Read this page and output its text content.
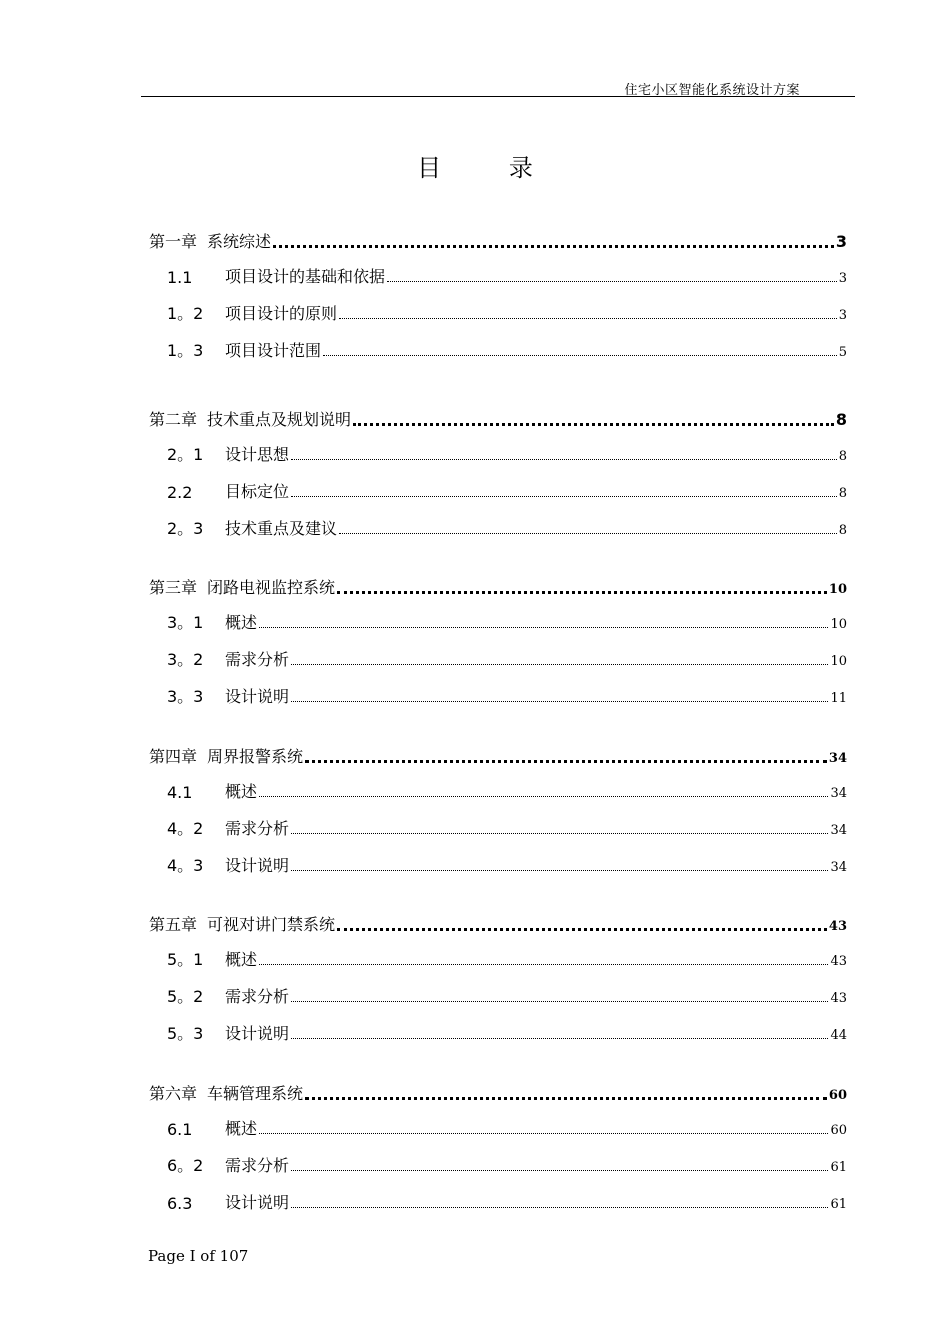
住宅小区智能化系统设计方案
目	录
第一章 系统综述	3
1.1	项目设计的基础和依据	3
1。2	项目设计的原则	3
1。3	项目设计范围	5
第二章 技术重点及规划说明	8
2。1	设计思想	8
2.2	目标定位	8
2。3	技术重点及建议	8
第三章 闭路电视监控系统	10
3。1	概述	10
3。2	需求分析	10
3。3	设计说明	11
第四章 周界报警系统	34
4.1	概述	34
4。2	需求分析	34
4。3	设计说明	34
第五章 可视对讲门禁系统	43
5。1	概述	43
5。2	需求分析	43
5。3	设计说明	44
第六章 车辆管理系统	60
6.1	概述	60
6。2	需求分析	61
6.3	设计说明	61
Page I of 107
